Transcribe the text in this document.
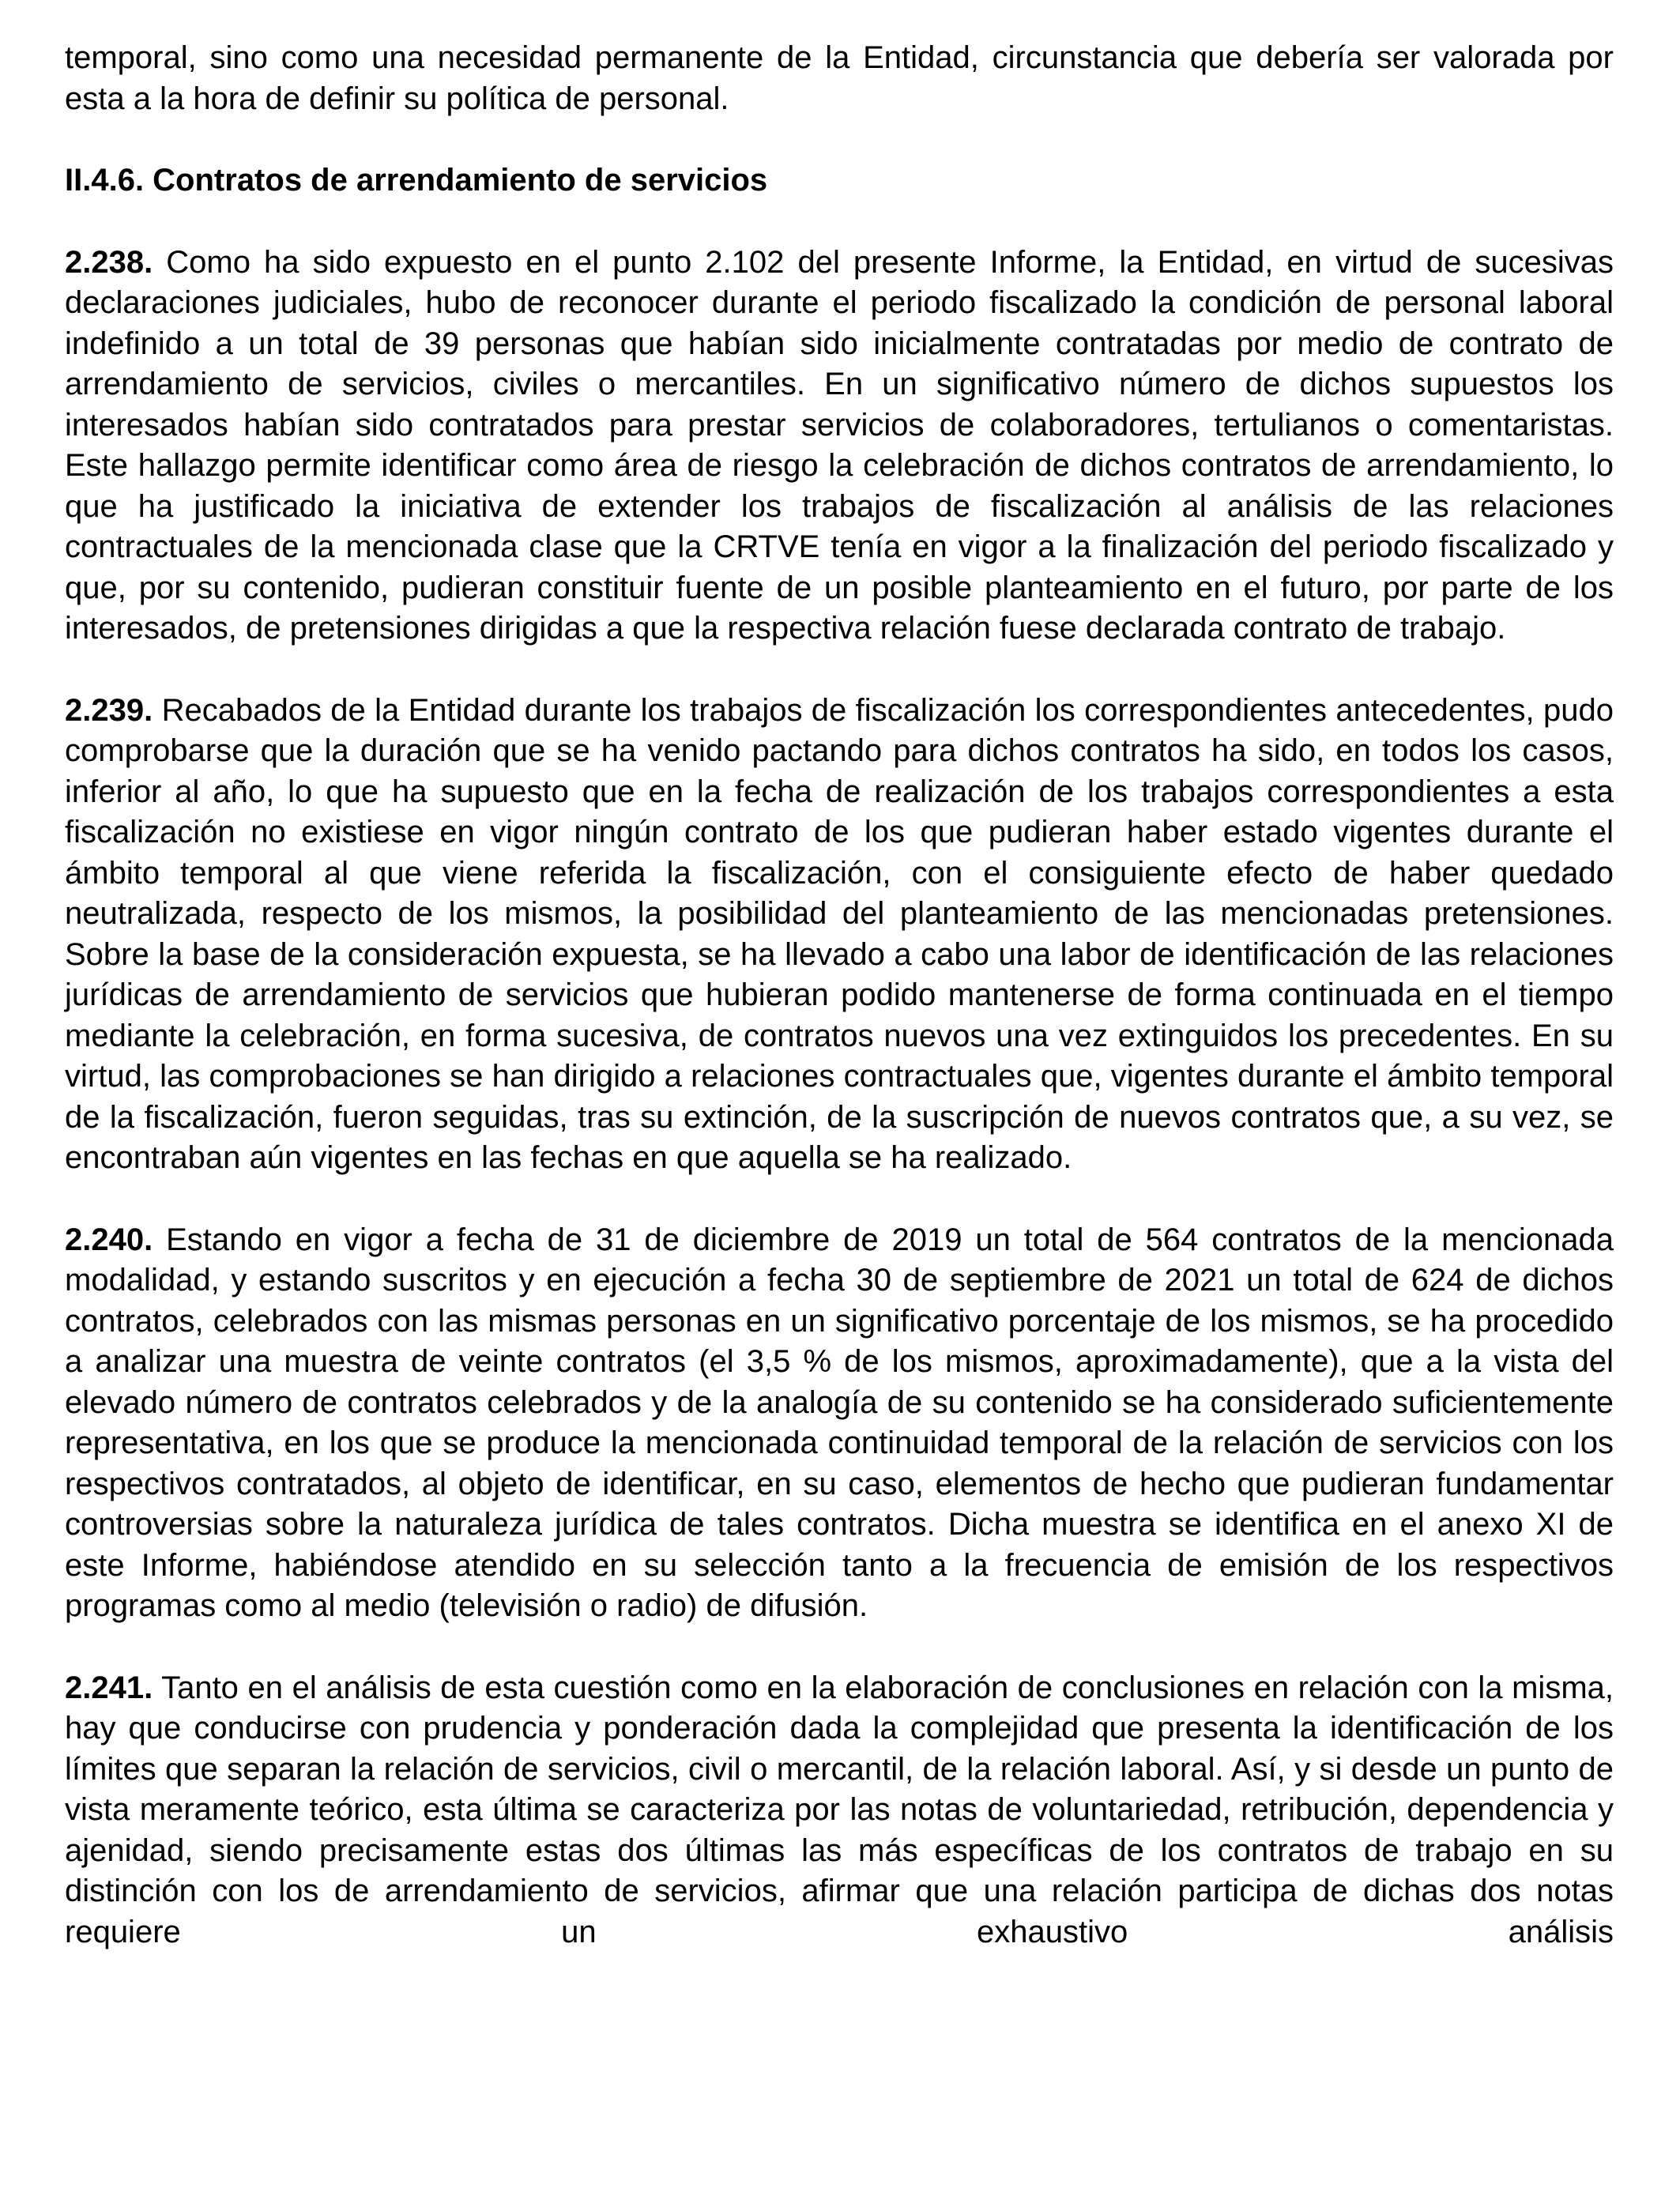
temporal, sino como una necesidad permanente de la Entidad, circunstancia que debería ser valorada por esta a la hora de definir su política de personal.

II.4.6. Contratos de arrendamiento de servicios

2.238. Como ha sido expuesto en el punto 2.102 del presente Informe, la Entidad, en virtud de sucesivas declaraciones judiciales, hubo de reconocer durante el periodo fiscalizado la condición de personal laboral indefinido a un total de 39 personas que habían sido inicialmente contratadas por medio de contrato de arrendamiento de servicios, civiles o mercantiles. En un significativo número de dichos supuestos los interesados habían sido contratados para prestar servicios de colaboradores, tertulianos o comentaristas. Este hallazgo permite identificar como área de riesgo la celebración de dichos contratos de arrendamiento, lo que ha justificado la iniciativa de extender los trabajos de fiscalización al análisis de las relaciones contractuales de la mencionada clase que la CRTVE tenía en vigor a la finalización del periodo fiscalizado y que, por su contenido, pudieran constituir fuente de un posible planteamiento en el futuro, por parte de los interesados, de pretensiones dirigidas a que la respectiva relación fuese declarada contrato de trabajo.

2.239. Recabados de la Entidad durante los trabajos de fiscalización los correspondientes antecedentes, pudo comprobarse que la duración que se ha venido pactando para dichos contratos ha sido, en todos los casos, inferior al año, lo que ha supuesto que en la fecha de realización de los trabajos correspondientes a esta fiscalización no existiese en vigor ningún contrato de los que pudieran haber estado vigentes durante el ámbito temporal al que viene referida la fiscalización, con el consiguiente efecto de haber quedado neutralizada, respecto de los mismos, la posibilidad del planteamiento de las mencionadas pretensiones. Sobre la base de la consideración expuesta, se ha llevado a cabo una labor de identificación de las relaciones jurídicas de arrendamiento de servicios que hubieran podido mantenerse de forma continuada en el tiempo mediante la celebración, en forma sucesiva, de contratos nuevos una vez extinguidos los precedentes. En su virtud, las comprobaciones se han dirigido a relaciones contractuales que, vigentes durante el ámbito temporal de la fiscalización, fueron seguidas, tras su extinción, de la suscripción de nuevos contratos que, a su vez, se encontraban aún vigentes en las fechas en que aquella se ha realizado.

2.240. Estando en vigor a fecha de 31 de diciembre de 2019 un total de 564 contratos de la mencionada modalidad, y estando suscritos y en ejecución a fecha 30 de septiembre de 2021 un total de 624 de dichos contratos, celebrados con las mismas personas en un significativo porcentaje de los mismos, se ha procedido a analizar una muestra de veinte contratos (el 3,5 % de los mismos, aproximadamente), que a la vista del elevado número de contratos celebrados y de la analogía de su contenido se ha considerado suficientemente representativa, en los que se produce la mencionada continuidad temporal de la relación de servicios con los respectivos contratados, al objeto de identificar, en su caso, elementos de hecho que pudieran fundamentar controversias sobre la naturaleza jurídica de tales contratos. Dicha muestra se identifica en el anexo XI de este Informe, habiéndose atendido en su selección tanto a la frecuencia de emisión de los respectivos programas como al medio (televisión o radio) de difusión.

2.241. Tanto en el análisis de esta cuestión como en la elaboración de conclusiones en relación con la misma, hay que conducirse con prudencia y ponderación dada la complejidad que presenta la identificación de los límites que separan la relación de servicios, civil o mercantil, de la relación laboral. Así, y si desde un punto de vista meramente teórico, esta última se caracteriza por las notas de voluntariedad, retribución, dependencia y ajenidad, siendo precisamente estas dos últimas las más específicas de los contratos de trabajo en su distinción con los de arrendamiento de servicios, afirmar que una relación participa de dichas dos notas requiere un exhaustivo análisis
